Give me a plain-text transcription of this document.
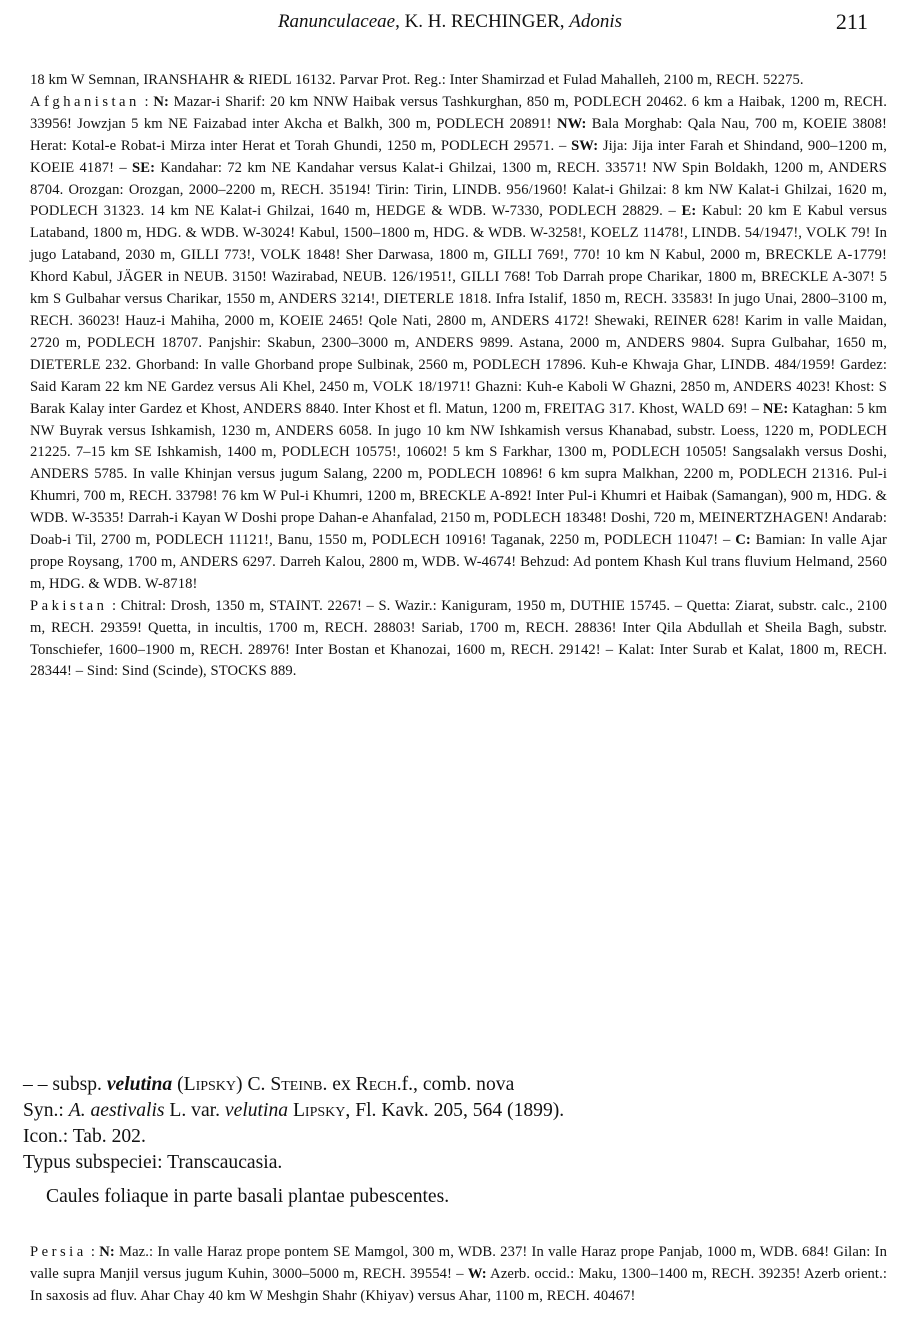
Ranunculaceae, K. H. RECHINGER, Adonis	211

18 km W Semnan, IRANSHAHR & RIEDL 16132. Parvar Prot. Reg.: Inter Shamirzad et Fulad Mahalleh, 2100 m, RECH. 52275.

Afghanistan : N: Mazar-i Sharif: 20 km NNW Haibak versus Tashkurghan, 850 m, PODLECH 20462. 6 km a Haibak, 1200 m, RECH. 33956! Jowzjan 5 km NE Faizabad inter Akcha et Balkh, 300 m, PODLECH 20891! NW: Bala Morghab: Qala Nau, 700 m, KOEIE 3808! Herat: Kotal-e Robat-i Mirza inter Herat et Torah Ghundi, 1250 m, PODLECH 29571. – SW: Jija: Jija inter Farah et Shindand, 900–1200 m, KOEIE 4187! – SE: Kandahar: 72 km NE Kandahar versus Kalat-i Ghilzai, 1300 m, RECH. 33571! NW Spin Boldakh, 1200 m, ANDERS 8704. Orozgan: Orozgan, 2000–2200 m, RECH. 35194! Tirin: Tirin, LINDB. 956/1960! Kalat-i Ghilzai: 8 km NW Kalat-i Ghilzai, 1620 m, PODLECH 31323. 14 km NE Kalat-i Ghilzai, 1640 m, HEDGE & WDB. W-7330, PODLECH 28829. – E: Kabul: 20 km E Kabul versus Lataband, 1800 m, HDG. & WDB. W-3024! Kabul, 1500–1800 m, HDG. & WDB. W-3258!, KOELZ 11478!, LINDB. 54/1947!, VOLK 79! In jugo Lataband, 2030 m, GILLI 773!, VOLK 1848! Sher Darwasa, 1800 m, GILLI 769!, 770! 10 km N Kabul, 2000 m, BRECKLE A-1779! Khord Kabul, JÄGER in NEUB. 3150! Wazirabad, NEUB. 126/1951!, GILLI 768! Tob Darrah prope Charikar, 1800 m, BRECKLE A-307! 5 km S Gulbahar versus Charikar, 1550 m, ANDERS 3214!, DIETERLE 1818. Infra Istalif, 1850 m, RECH. 33583! In jugo Unai, 2800–3100 m, RECH. 36023! Hauz-i Mahiha, 2000 m, KOEIE 2465! Qole Nati, 2800 m, ANDERS 4172! Shewaki, REINER 628! Karim in valle Maidan, 2720 m, PODLECH 18707. Panjshir: Skabun, 2300–3000 m, ANDERS 9899. Astana, 2000 m, ANDERS 9804. Supra Gulbahar, 1650 m, DIETERLE 232. Ghorband: In valle Ghorband prope Sulbinak, 2560 m, PODLECH 17896. Kuh-e Khwaja Ghar, LINDB. 484/1959! Gardez: Said Karam 22 km NE Gardez versus Ali Khel, 2450 m, VOLK 18/1971! Ghazni: Kuh-e Kaboli W Ghazni, 2850 m, ANDERS 4023! Khost: S Barak Kalay inter Gardez et Khost, ANDERS 8840. Inter Khost et fl. Matun, 1200 m, FREITAG 317. Khost, WALD 69! – NE: Kataghan: 5 km NW Buyrak versus Ishkamish, 1230 m, ANDERS 6058. In jugo 10 km NW Ishkamish versus Khanabad, substr. Loess, 1220 m, PODLECH 21225. 7–15 km SE Ishkamish, 1400 m, PODLECH 10575!, 10602! 5 km S Farkhar, 1300 m, PODLECH 10505! Sangsalakh versus Doshi, ANDERS 5785. In valle Khinjan versus jugum Salang, 2200 m, PODLECH 10896! 6 km supra Malkhan, 2200 m, PODLECH 21316. Pul-i Khumri, 700 m, RECH. 33798! 76 km W Pul-i Khumri, 1200 m, BRECKLE A-892! Inter Pul-i Khumri et Haibak (Samangan), 900 m, HDG. & WDB. W-3535! Darrah-i Kayan W Doshi prope Dahan-e Ahanfalad, 2150 m, PODLECH 18348! Doshi, 720 m, MEINERTZHAGEN! Andarab: Doab-i Til, 2700 m, PODLECH 11121!, Banu, 1550 m, PODLECH 10916! Taganak, 2250 m, PODLECH 11047! – C: Bamian: In valle Ajar prope Roysang, 1700 m, ANDERS 6297. Darreh Kalou, 2800 m, WDB. W-4674! Behzud: Ad pontem Khash Kul trans fluvium Helmand, 2560 m, HDG. & WDB. W-8718!

Pakistan : Chitral: Drosh, 1350 m, STAINT. 2267! – S. Wazir.: Kaniguram, 1950 m, DUTHIE 15745. – Quetta: Ziarat, substr. calc., 2100 m, RECH. 29359! Quetta, in incultis, 1700 m, RECH. 28803! Sariab, 1700 m, RECH. 28836! Inter Qila Abdullah et Sheila Bagh, substr. Tonschiefer, 1600–1900 m, RECH. 28976! Inter Bostan et Khanozai, 1600 m, RECH. 29142! – Kalat: Inter Surab et Kalat, 1800 m, RECH. 28344! – Sind: Sind (Scinde), STOCKS 889.

– – subsp. velutina (Lipsky) C. Steinb. ex Rech.f., comb. nova

Syn.: A. aestivalis L. var. velutina Lipsky, Fl. Kavk. 205, 564 (1899).

Icon.: Tab. 202.

Typus subspeciei: Transcaucasia.

Caules foliaque in parte basali plantae pubescentes.

Persia : N: Maz.: In valle Haraz prope pontem SE Mamgol, 300 m, WDB. 237! In valle Haraz prope Panjab, 1000 m, WDB. 684! Gilan: In valle supra Manjil versus jugum Kuhin, 3000–5000 m, RECH. 39554! – W: Azerb. occid.: Maku, 1300–1400 m, RECH. 39235! Azerb orient.: In saxosis ad fluv. Ahar Chay 40 km W Meshgin Shahr (Khiyav) versus Ahar, 1100 m, RECH. 40467!
